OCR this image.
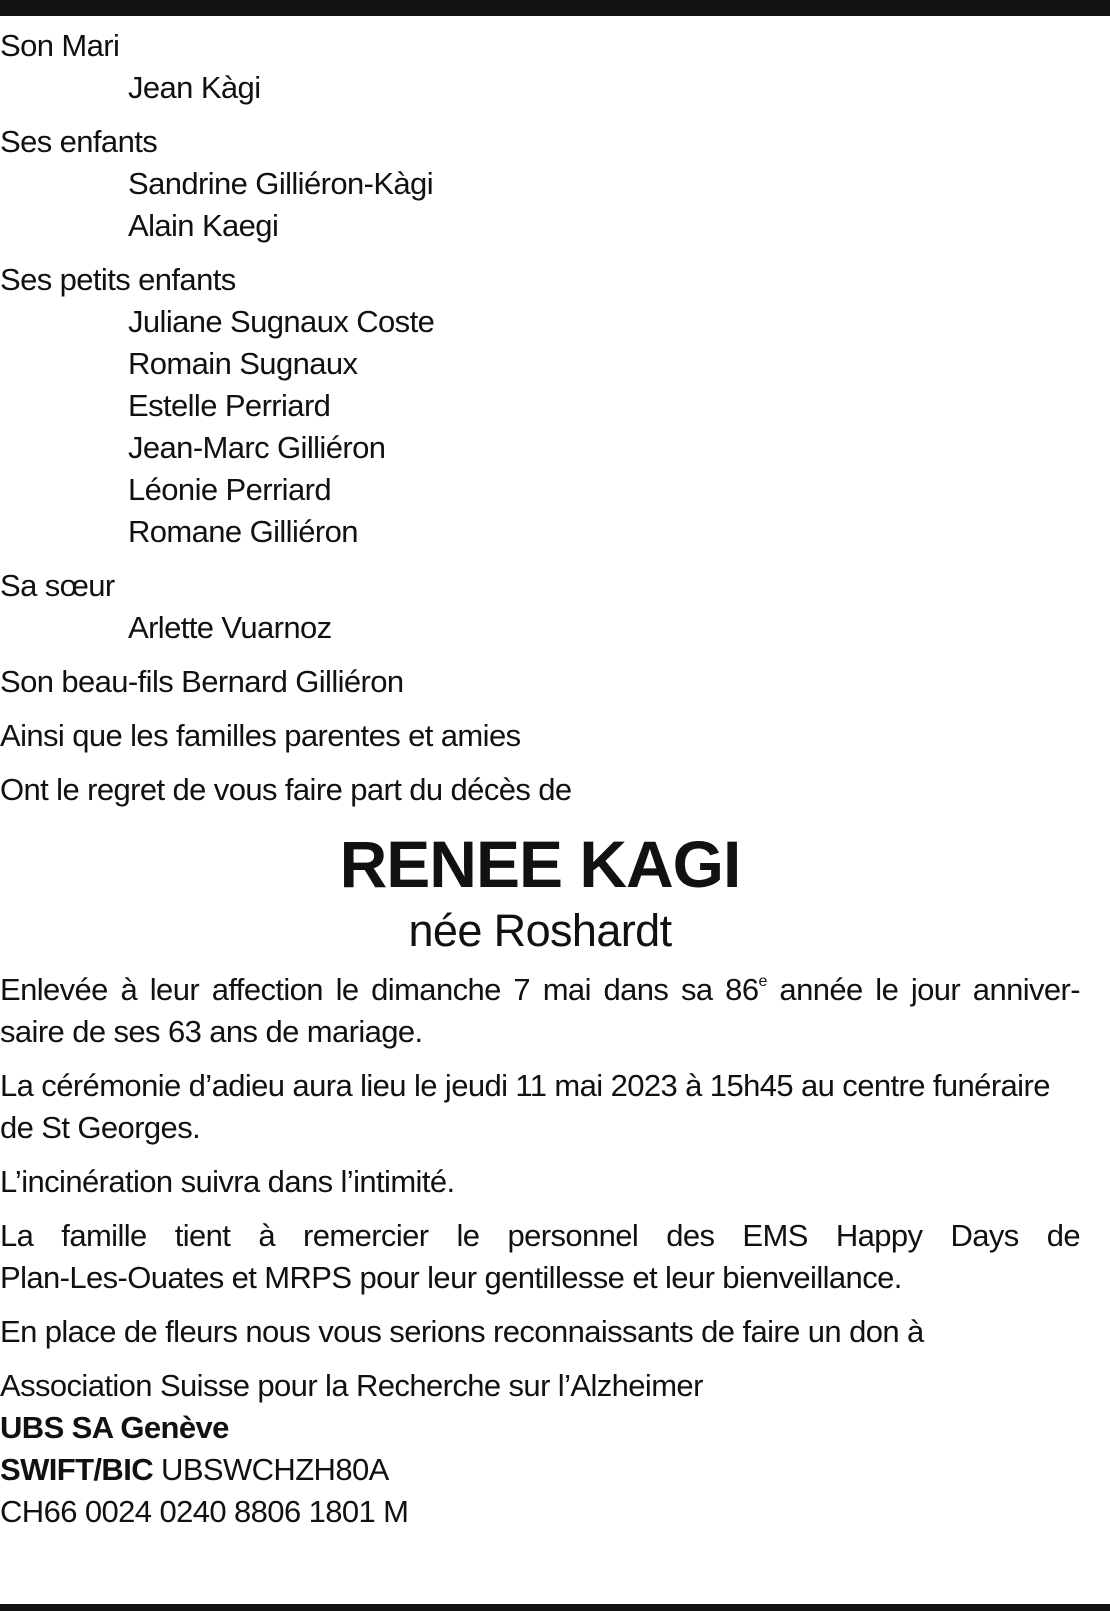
Son Mari
Jean Kàgi
Ses enfants
Sandrine Gilliéron-Kàgi
Alain Kaegi
Ses petits enfants
Juliane Sugnaux Coste
Romain Sugnaux
Estelle Perriard
Jean-Marc Gilliéron
Léonie Perriard
Romane Gilliéron
Sa sœur
Arlette Vuarnoz
Son beau-fils Bernard Gilliéron
Ainsi que les familles parentes et amies
Ont le regret de vous faire part du décès de
RENEE KAGI
née Roshardt
Enlevée à leur affection le dimanche 7 mai dans sa 86e année le jour anniver-
saire de ses 63 ans de mariage.
La cérémonie d’adieu aura lieu le jeudi 11 mai 2023 à 15h45 au centre funéraire
de St Georges.
L’incinération suivra dans l’intimité.
La famille tient à remercier le personnel des EMS Happy Days de
Plan-Les-Ouates et MRPS pour leur gentillesse et leur bienveillance.
En place de fleurs nous vous serions reconnaissants de faire un don à
Association Suisse pour la Recherche sur l’Alzheimer
UBS SA Genève
SWIFT/BIC UBSWCHZH80A
CH66 0024 0240 8806 1801 M
